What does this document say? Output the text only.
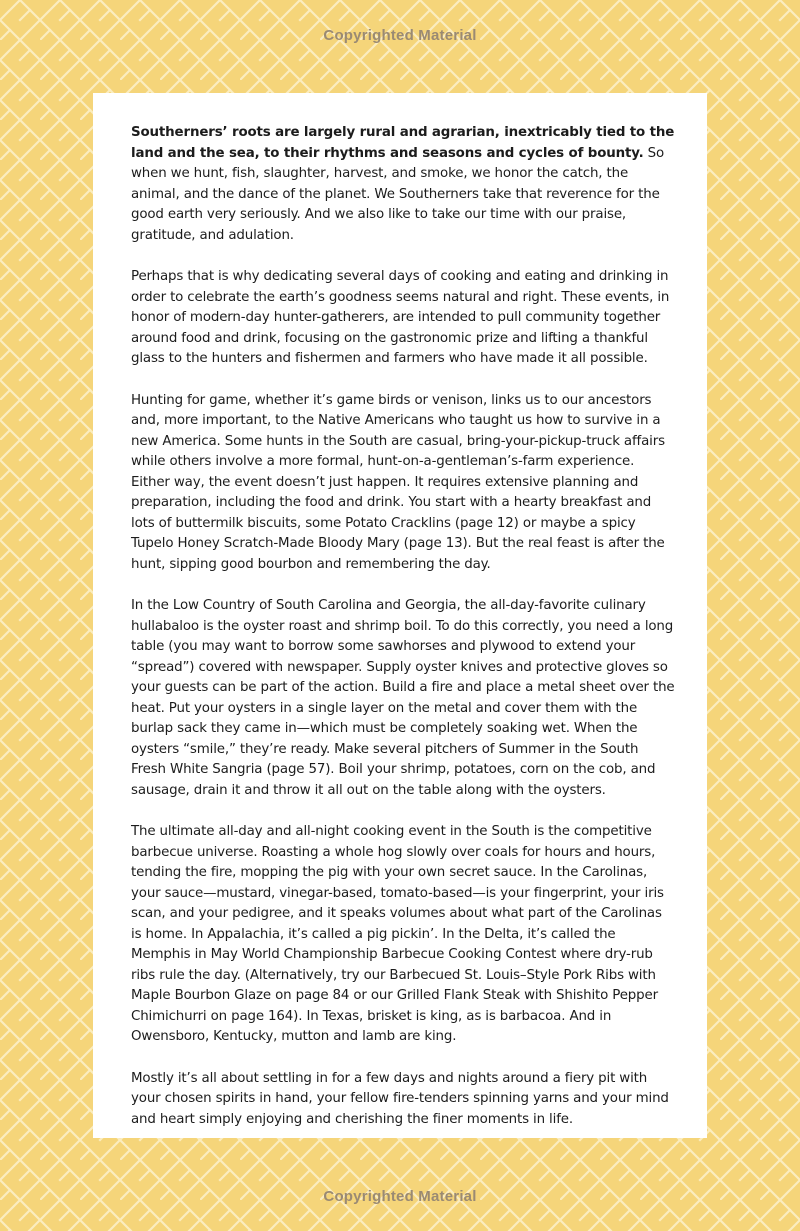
Copyrighted Material

Southerners’ roots are largely rural and agrarian, inextricably tied to the land and the sea, to their rhythms and seasons and cycles of bounty. So when we hunt, fish, slaughter, harvest, and smoke, we honor the catch, the animal, and the dance of the planet. We Southerners take that reverence for the good earth very seriously. And we also like to take our time with our praise, gratitude, and adulation.

Perhaps that is why dedicating several days of cooking and eating and drinking in order to celebrate the earth’s goodness seems natural and right. These events, in honor of modern-day hunter-gatherers, are intended to pull community together around food and drink, focusing on the gastronomic prize and lifting a thankful glass to the hunters and fishermen and farmers who have made it all possible.

Hunting for game, whether it’s game birds or venison, links us to our ancestors and, more important, to the Native Americans who taught us how to survive in a new America. Some hunts in the South are casual, bring-your-pickup-truck affairs while others involve a more formal, hunt-on-a-gentleman’s-farm experience. Either way, the event doesn’t just happen. It requires extensive planning and preparation, including the food and drink. You start with a hearty breakfast and lots of buttermilk biscuits, some Potato Cracklins (page 12) or maybe a spicy Tupelo Honey Scratch-Made Bloody Mary (page 13). But the real feast is after the hunt, sipping good bourbon and remembering the day.

In the Low Country of South Carolina and Georgia, the all-day-favorite culinary hullabaloo is the oyster roast and shrimp boil. To do this correctly, you need a long table (you may want to borrow some sawhorses and plywood to extend your “spread”) covered with newspaper. Supply oyster knives and protective gloves so your guests can be part of the action. Build a fire and place a metal sheet over the heat. Put your oysters in a single layer on the metal and cover them with the burlap sack they came in—which must be completely soaking wet. When the oysters “smile,” they’re ready. Make several pitchers of Summer in the South Fresh White Sangria (page 57). Boil your shrimp, potatoes, corn on the cob, and sausage, drain it and throw it all out on the table along with the oysters.

The ultimate all-day and all-night cooking event in the South is the competitive barbecue universe. Roasting a whole hog slowly over coals for hours and hours, tending the fire, mopping the pig with your own secret sauce. In the Carolinas, your sauce—mustard, vinegar-based, tomato-based—is your fingerprint, your iris scan, and your pedigree, and it speaks volumes about what part of the Carolinas is home. In Appalachia, it’s called a pig pickin’. In the Delta, it’s called the Memphis in May World Championship Barbecue Cooking Contest where dry-rub ribs rule the day. (Alternatively, try our Barbecued St. Louis–Style Pork Ribs with Maple Bourbon Glaze on page 84 or our Grilled Flank Steak with Shishito Pepper Chimichurri on page 164). In Texas, brisket is king, as is barbacoa. And in Owensboro, Kentucky, mutton and lamb are king.

Mostly it’s all about settling in for a few days and nights around a fiery pit with your chosen spirits in hand, your fellow fire-tenders spinning yarns and your mind and heart simply enjoying and cherishing the finer moments in life.

Copyrighted Material
